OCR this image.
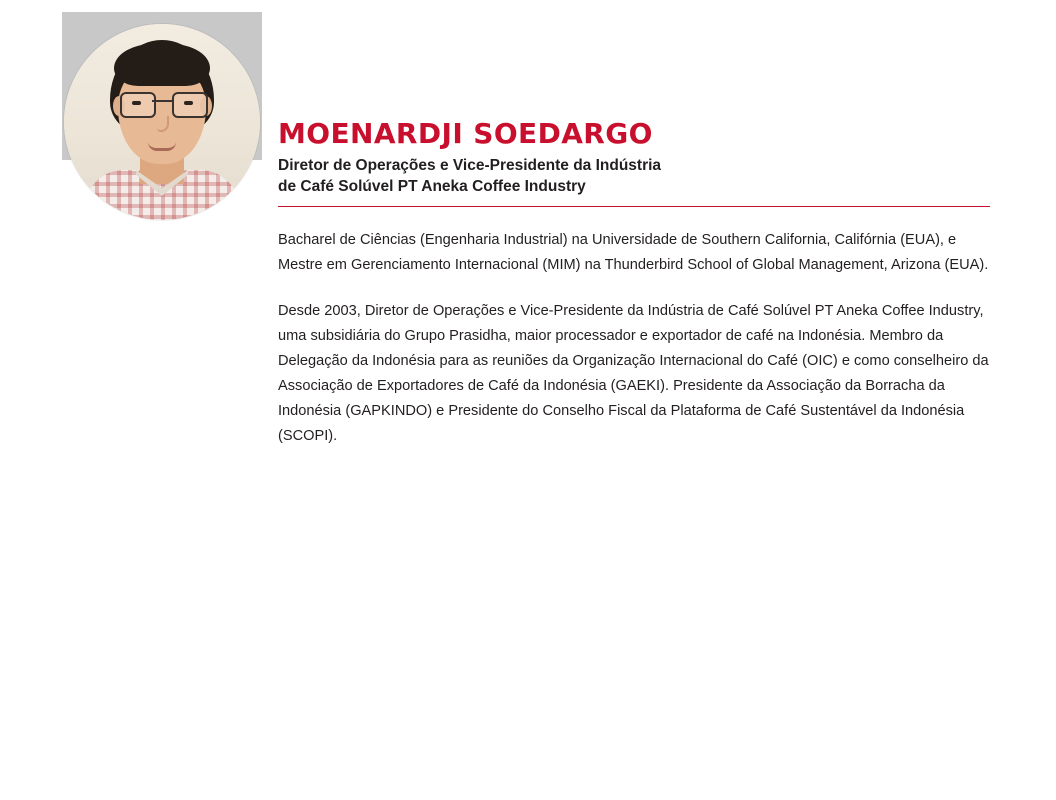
MOENARDJI SOEDARGO
Diretor de Operações e Vice-Presidente da Indústria
de Café Solúvel PT Aneka Coffee Industry

Bacharel de Ciências (Engenharia Industrial) na Universidade de Southern California, Califórnia (EUA), e Mestre em Gerenciamento Internacional (MIM) na Thunderbird School of Global Management, Arizona (EUA).

Desde 2003, Diretor de Operações e Vice-Presidente da Indústria de Café Solúvel PT Aneka Coffee Industry, uma subsidiária do Grupo Prasidha, maior processador e exportador de café na Indonésia. Membro da Delegação da Indonésia para as reuniões da Organização Internacional do Café (OIC) e como conselheiro da Associação de Exportadores de Café da Indonésia (GAEKI). Presidente da Associação da Borracha da Indonésia (GAPKINDO) e Presidente do Conselho Fiscal da Plataforma de Café Sustentável da Indonésia (SCOPI).
